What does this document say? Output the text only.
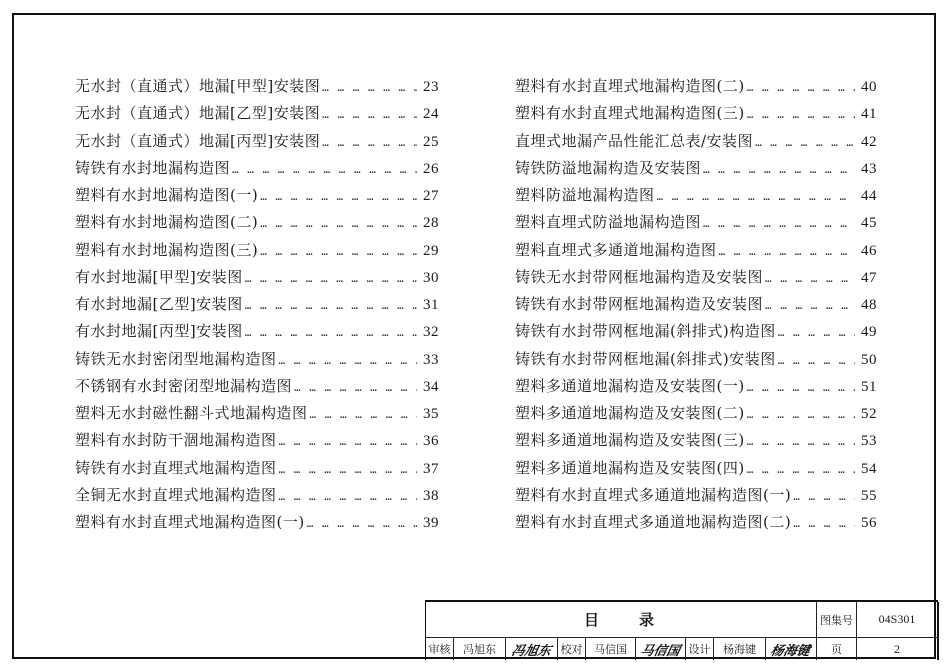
无水封（直通式）地漏[甲型]安装图 … … … … … … … … … … … … … … … … … … … … … … … … … … … … … … … … … … … … … … … …	23
无水封（直通式）地漏[乙型]安装图 … … … … … … … … … … … … … … … … … … … … … … … … … … … … … … … … … … … … … … … …	24
无水封（直通式）地漏[丙型]安装图 … … … … … … … … … … … … … … … … … … … … … … … … … … … … … … … … … … … … … … … …	25
铸铁有水封地漏构造图 … … … … … … … … … … … … … … … … … … … … … … … … … … … … … … … … … … … … … … … …	26
塑料有水封地漏构造图(一) … … … … … … … … … … … … … … … … … … … … … … … … … … … … … … … … … … … … … … … …	27
塑料有水封地漏构造图(二) … … … … … … … … … … … … … … … … … … … … … … … … … … … … … … … … … … … … … … … …	28
塑料有水封地漏构造图(三) … … … … … … … … … … … … … … … … … … … … … … … … … … … … … … … … … … … … … … … …	29
有水封地漏[甲型]安装图 … … … … … … … … … … … … … … … … … … … … … … … … … … … … … … … … … … … … … … … …	30
有水封地漏[乙型]安装图 … … … … … … … … … … … … … … … … … … … … … … … … … … … … … … … … … … … … … … … …	31
有水封地漏[丙型]安装图 … … … … … … … … … … … … … … … … … … … … … … … … … … … … … … … … … … … … … … … …	32
铸铁无水封密闭型地漏构造图 … … … … … … … … … … … … … … … … … … … … … … … … … … … … … … … … … … … … … … … …	33
不锈钢有水封密闭型地漏构造图 … … … … … … … … … … … … … … … … … … … … … … … … … … … … … … … … … … … … … … … …	34
塑料无水封磁性翻斗式地漏构造图 … … … … … … … … … … … … … … … … … … … … … … … … … … … … … … … … … … … … … … … …	35
塑料有水封防干涸地漏构造图 … … … … … … … … … … … … … … … … … … … … … … … … … … … … … … … … … … … … … … … …	36
铸铁有水封直埋式地漏构造图 … … … … … … … … … … … … … … … … … … … … … … … … … … … … … … … … … … … … … … … …	37
全铜无水封直埋式地漏构造图 … … … … … … … … … … … … … … … … … … … … … … … … … … … … … … … … … … … … … … … …	38
塑料有水封直埋式地漏构造图(一) … … … … … … … … … … … … … … … … … … … … … … … … … … … … … … … … … … … … … … … …	39
塑料有水封直埋式地漏构造图(二) … … … … … … … … … … … … … … … … … … … … … … … … … … … … … … … … … … … … … … … …	40
塑料有水封直埋式地漏构造图(三) … … … … … … … … … … … … … … … … … … … … … … … … … … … … … … … … … … … … … … … …	41
直埋式地漏产品性能汇总表/安装图 … … … … … … … … … … … … … … … … … … … … … … … … … … … … … … … … … … … … … … … …	42
铸铁防溢地漏构造及安装图 … … … … … … … … … … … … … … … … … … … … … … … … … … … … … … … … … … … … … … … …	43
塑料防溢地漏构造图 … … … … … … … … … … … … … … … … … … … … … … … … … … … … … … … … … … … … … … … …	44
塑料直埋式防溢地漏构造图 … … … … … … … … … … … … … … … … … … … … … … … … … … … … … … … … … … … … … … … …	45
塑料直埋式多通道地漏构造图 … … … … … … … … … … … … … … … … … … … … … … … … … … … … … … … … … … … … … … … …	46
铸铁无水封带网框地漏构造及安装图 … … … … … … … … … … … … … … … … … … … … … … … … … … … … … … … … … … … … … … … …	47
铸铁有水封带网框地漏构造及安装图 … … … … … … … … … … … … … … … … … … … … … … … … … … … … … … … … … … … … … … … …	48
铸铁有水封带网框地漏(斜排式)构造图 … … … … … … … … … … … … … … … … … … … … … … … … … … … … … … … … … … … … … … … …	49
铸铁有水封带网框地漏(斜排式)安装图 … … … … … … … … … … … … … … … … … … … … … … … … … … … … … … … … … … … … … … … …	50
塑料多通道地漏构造及安装图(一) … … … … … … … … … … … … … … … … … … … … … … … … … … … … … … … … … … … … … … … …	51
塑料多通道地漏构造及安装图(二) … … … … … … … … … … … … … … … … … … … … … … … … … … … … … … … … … … … … … … … …	52
塑料多通道地漏构造及安装图(三) … … … … … … … … … … … … … … … … … … … … … … … … … … … … … … … … … … … … … … … …	53
塑料多通道地漏构造及安装图(四) … … … … … … … … … … … … … … … … … … … … … … … … … … … … … … … … … … … … … … … …	54
塑料有水封直埋式多通道地漏构造图(一) … … … … … … … … … … … … … … … … … … … … … … … … … … … … … … … … … … … … … … … …	55
塑料有水封直埋式多通道地漏构造图(二) … … … … … … … … … … … … … … … … … … … … … … … … … … … … … … … … … … … … … … … …	56
目录	图集号	04S301
审核	冯旭东	冯旭东 校对	马信国 马信国 设计	杨海键	杨海键	页	2
